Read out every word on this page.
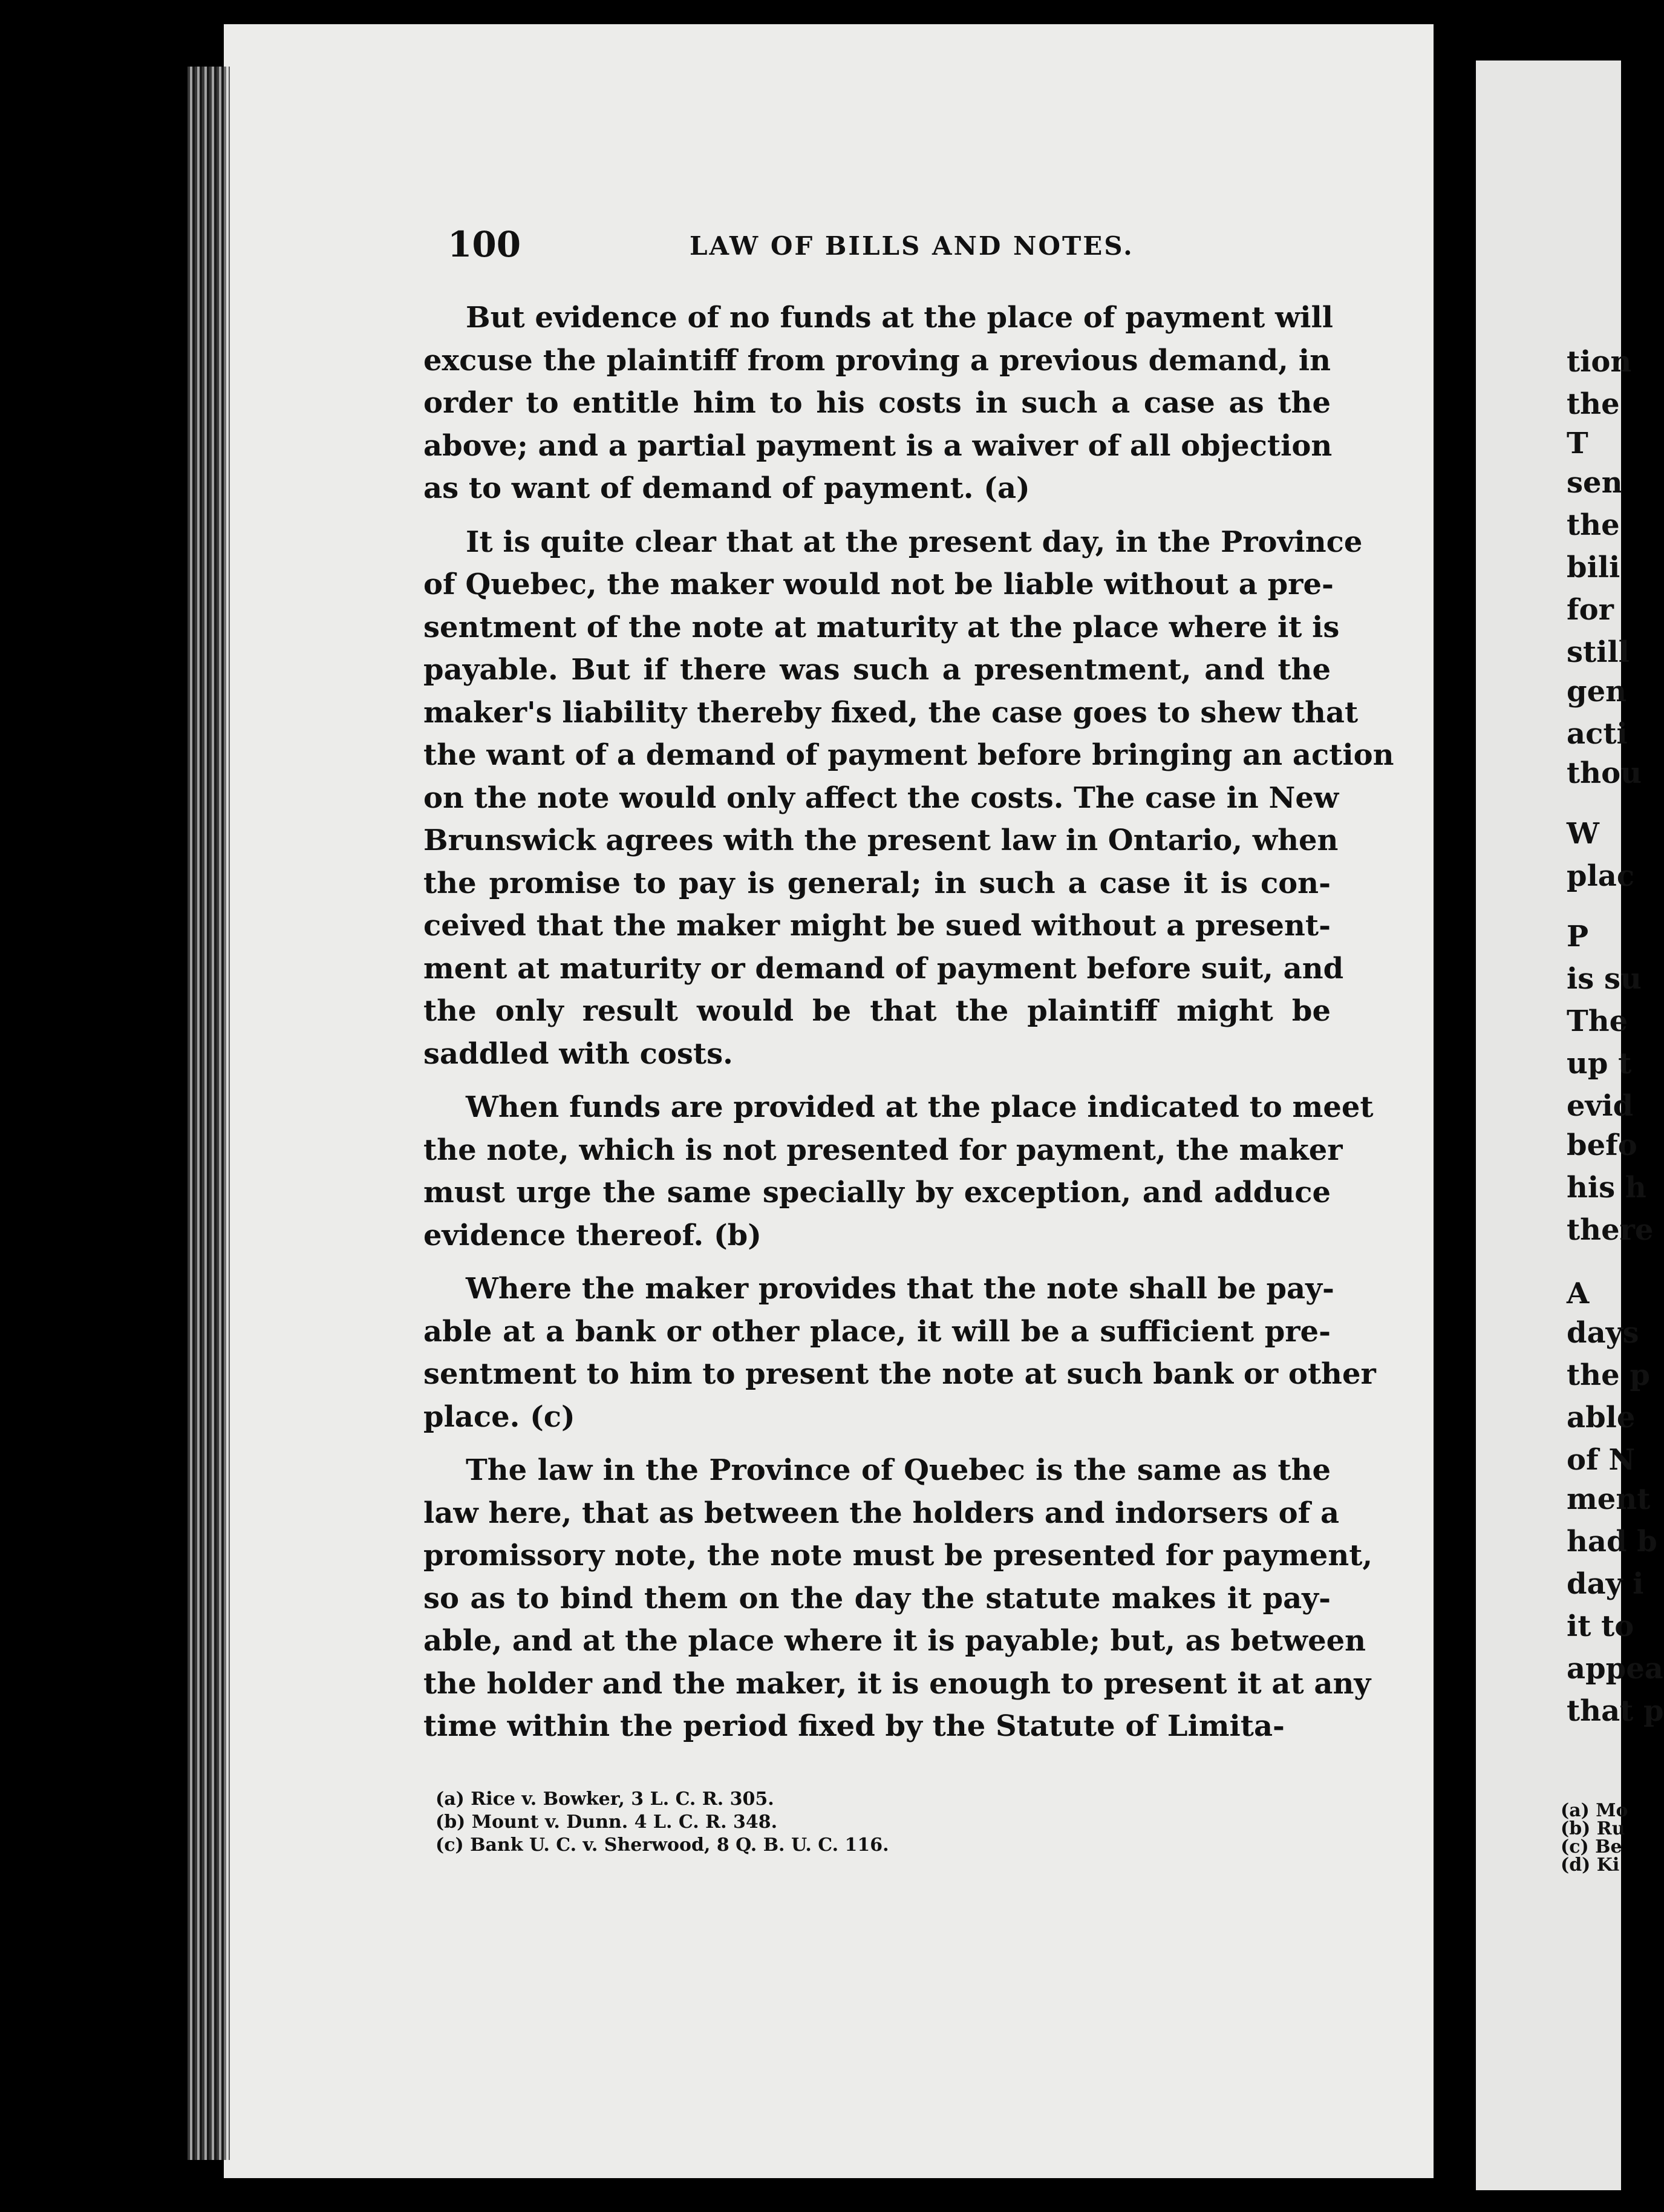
100	LAW OF BILLS AND NOTES.
But evidence of no funds at the place of payment will
excuse the plaintiff from proving a previous demand, in
order to entitle him to his costs in such a case as the
above; and a partial payment is a waiver of all objection
as to want of demand of payment. (a)
It is quite clear that at the present day, in the Province
of Quebec, the maker would not be liable without a pre-
sentment of the note at maturity at the place where it is
payable. But if there was such a presentment, and the
maker's liability thereby fixed, the case goes to shew that
the want of a demand of payment before bringing an action
on the note would only affect the costs. The case in New
Brunswick agrees with the present law in Ontario, when
the promise to pay is general; in such a case it is con-
ceived that the maker might be sued without a present-
ment at maturity or demand of payment before suit, and
the only result would be that the plaintiff might be
saddled with costs.
When funds are provided at the place indicated to meet
the note, which is not presented for payment, the maker
must urge the same specially by exception, and adduce
evidence thereof. (b)
Where the maker provides that the note shall be pay-
able at a bank or other place, it will be a sufficient pre-
sentment to him to present the note at such bank or other
place. (c)
The law in the Province of Quebec is the same as the
law here, that as between the holders and indorsers of a
promissory note, the note must be presented for payment,
so as to bind them on the day the statute makes it pay-
able, and at the place where it is payable; but, as between
the holder and the maker, it is enough to present it at any
time within the period fixed by the Statute of Limita-
(a) Rice v. Bowker, 3 L. C. R. 305.
(b) Mount v. Dunn. 4 L. C. R. 348.
(c) Bank U. C. v. Sherwood, 8 Q. B. U. C. 116.
tion
the
T
sen
the
bili
for
still
gen
acti
thou
W
plac
P
is su
The
up t
evid
befo
his h
there
A
days
the p
able
of N
ment
had b
day i
it to
appea
that p
(a) Mo
(b) Ru
(c) Be
(d) Ki
